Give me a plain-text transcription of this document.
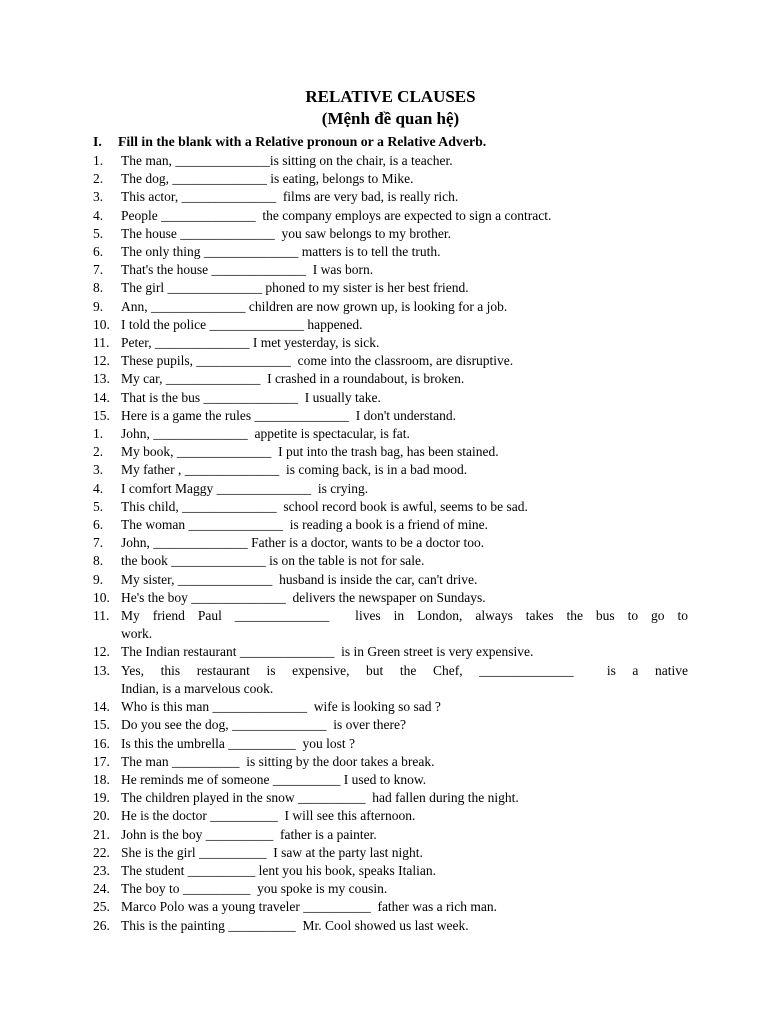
RELATIVE CLAUSES
(Mệnh đề quan hệ)
I.	Fill in the blank with a Relative pronoun or a Relative Adverb.
1.	The man, ______________is sitting on the chair, is a teacher.
2.	The dog, ______________ is eating, belongs to Mike.
3.	This actor, ______________  films are very bad, is really rich.
4.	People ______________  the company employs are expected to sign a contract.
5.	The house ______________  you saw belongs to my brother.
6.	The only thing ______________ matters is to tell the truth.
7.	That's the house ______________  I was born.
8.	The girl ______________ phoned to my sister is her best friend.
9.	Ann, ______________ children are now grown up, is looking for a job.
10. I told the police ______________ happened.
11. Peter, ______________ I met yesterday, is sick.
12. These pupils, ______________  come into the classroom, are disruptive.
13. My car, ______________  I crashed in a roundabout, is broken.
14. That is the bus ______________  I usually take.
15. Here is a game the rules ______________  I don't understand.
1.	John, ______________  appetite is spectacular, is fat.
2.	My book, ______________  I put into the trash bag, has been stained.
3.	My father , ______________  is coming back, is in a bad mood.
4.	I comfort Maggy ______________  is crying.
5.	This child, ______________  school record book is awful, seems to be sad.
6.	The woman ______________  is reading a book is a friend of mine.
7.	John, ______________ Father is a doctor, wants to be a doctor too.
8.	the book ______________ is on the table is not for sale.
9.	My sister, ______________  husband is inside the car, can't drive.
10. He's the boy ______________  delivers the newspaper on Sundays.
11. My friend Paul ______________  lives in London, always takes the bus to go to
work.
12. The Indian restaurant ______________  is in Green street is very expensive.
13. Yes, this restaurant is expensive, but the Chef, ______________  is a native
Indian, is a marvelous cook.
14. Who is this man ______________  wife is looking so sad ?
15. Do you see the dog, ______________  is over there?
16. Is this the umbrella __________  you lost ?
17. The man __________  is sitting by the door takes a break.
18. He reminds me of someone __________ I used to know.
19. The children played in the snow __________  had fallen during the night.
20. He is the doctor __________  I will see this afternoon.
21. John is the boy __________  father is a painter.
22. She is the girl __________  I saw at the party last night.
23. The student __________ lent you his book, speaks Italian.
24. The boy to __________  you spoke is my cousin.
25. Marco Polo was a young traveler __________  father was a rich man.
26. This is the painting __________  Mr. Cool showed us last week.
